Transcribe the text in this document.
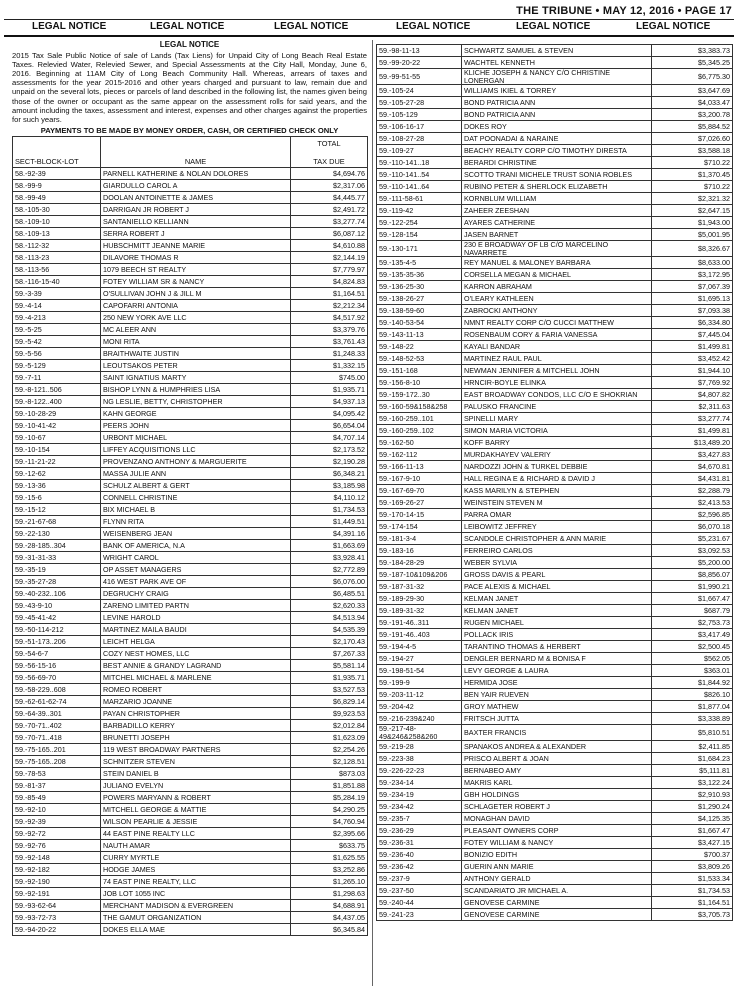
THE TRIBUNE • MAY 12, 2016 • PAGE 17
LEGAL NOTICE	LEGAL NOTICE	LEGAL NOTICE	LEGAL NOTICE	LEGAL NOTICE	LEGAL NOTICE
LEGAL NOTICE
2015 Tax Sale Public Notice of sale of Lands (Tax Liens) for Unpaid City of Long Beach Real Estate Taxes. Relevied Water, Relevied Sewer, and Special Assessments at the City Hall, Monday, June 6, 2016. Beginning at 11AM City of Long Beach Community Hall. Whereas, arrears of taxes and assessments for the year 2015-2016 and other years charged and pursuant to law, remain due and unpaid on the several lots, pieces or parcels of land described in the following list, the names given being those of the owner or occupant as the same appear on the assessment rolls for said years, and the amount including the taxes, assessment and interest, expenses and other charges against the properties for such years.
PAYMENTS TO BE MADE BY MONEY ORDER, CASH, OR CERTIFIED CHECK ONLY
SECT-BLOCK-LOT	NAME	TOTAL
TAX DUE

58.-92-39	PARNELL KATHERINE & NOLAN DOLORES	$4,694.76
58.-99-9	GIARDULLO CAROL A	$2,317.06
58.-99-49	DOOLAN ANTOINETTE & JAMES	$4,445.77
58.-105-30	DARRIGAN JR ROBERT J	$2,491.72
58.-109-10	SANTANIELLO KELLIANN	$3,277.74
58.-109-13	SERRA ROBERT J	$6,087.12
58.-112-32	HUBSCHMITT JEANNE MARIE	$4,610.88
58.-113-23	DILAVORE THOMAS R	$2,144.19
58.-113-56	1079 BEECH ST REALTY	$7,779.97
58.-116-15-40	FOTEY WILLIAM SR & NANCY	$4,824.83
59.-3-39	O'SULLIVAN JOHN J & JILL M	$1,164.51
59.-4-14	CAPOFARRI ANTONIA	$2,212.34
59.-4-213	250 NEW YORK AVE LLC	$4,517.92
59.-5-25	MC ALEER ANN	$3,379.76
59.-5-42	MONI RITA	$3,761.43
59.-5-56	BRAITHWAITE JUSTIN	$1,248.33
59.-5-129	LEOUTSAKOS PETER	$1,332.15
59.-7-11	SAINT IGNATIUS MARTY	$745.00
59.-8-121..506	BISHOP LYNN & HUMPHRIES LISA	$1,935.71
59.-8-122..400	NG LESLIE, BETTY, CHRISTOPHER	$4,937.13
59.-10-28-29	KAHN GEORGE	$4,095.42
59.-10-41-42	PEERS JOHN	$6,654.04
59.-10-67	URBONT MICHAEL	$4,707.14
59.-10-154	LIFFEY ACQUISITIONS LLC	$2,173.52
59.-11-21-22	PROVENZANO ANTHONY & MARGUERITE	$2,190.28
59.-12-62	MASSA JULIE ANN	$6,348.21
59.-13-36	SCHULZ ALBERT & GERT	$3,185.98
59.-15-6	CONNELL CHRISTINE	$4,110.12
59.-15-12	BIX MICHAEL B	$1,734.53
59.-21-67-68	FLYNN RITA	$1,449.51
59.-22-130	WEISENBERG JEAN	$4,391.16
59.-28-185..304	BANK OF AMERICA, N.A	$1,663.69
59.-31-31-33	WRIGHT CAROL	$3,928.41
59.-35-19	OP ASSET MANAGERS	$2,772.89
59.-35-27-28	416 WEST PARK AVE OF	$6,076.00
59.-40-232..106	DEGRUCHY CRAIG	$6,485.51
59.-43-9-10	ZARENO LIMITED PARTN	$2,620.33
59.-45-41-42	LEVINE HAROLD	$4,513.94
59.-50-114-212	MARTINEZ MAILA BAUDI	$4,535.39
59.-51-173..206	LEICHT HELGA	$2,170.43
59.-54-6-7	COZY NEST HOMES, LLC	$7,267.33
59.-56-15-16	BEST ANNIE & GRANDY LAGRAND	$5,581.14
59.-56-69-70	MITCHEL MICHAEL & MARLENE	$1,935.71
59.-58-229..608	ROMEO ROBERT	$3,527.53
59.-62-61-62-74	MARZARIO JOANNE	$6,829.14
59.-64-39..301	PAYAN CHRISTOPHER	$9,923.53
59.-70-71..402	BARBADILLO KERRY	$2,012.84
59.-70-71..418	BRUNETTI JOSEPH	$1,623.09
59.-75-165..201	119 WEST BROADWAY PARTNERS	$2,254.26
59.-75-165..208	SCHNITZER STEVEN	$2,128.51
59.-78-53	STEIN DANIEL B	$873.03
59.-81-37	JULIANO EVELYN	$1,851.88
59.-85-49	POWERS MARYANN & ROBERT	$5,284.19
59.-92-10	MITCHELL GEORGE & MATTIE	$4,290.25
59.-92-39	WILSON PEARLIE & JESSIE	$4,760.94
59.-92-72	44 EAST PINE REALTY LLC	$2,395.66
59.-92-76	NAUTH AMAR	$633.75
59.-92-148	CURRY MYRTLE	$1,625.55
59.-92-182	HODGE JAMES	$3,252.86
59.-92-190	74 EAST PINE REALTY, LLC	$1,265.10
59.-92-191	JOB LOT 1055 INC	$1,298.63
59.-93-62-64	MERCHANT MADISON & EVERGREEN	$4,688.91
59.-93-72-73	THE GAMUT ORGANIZATION	$4,437.05
59.-94-20-22	DOKES ELLA MAE	$6,345.84
59.-98-11-13	SCHWARTZ SAMUEL & STEVEN	$3,383.73
59.-99-20-22	WACHTEL KENNETH	$5,345.25
59.-99-51-55	KLICHE JOSEPH & NANCY C/O CHRISTINE LONERGAN	$6,775.30
59.-105-24	WILLIAMS IKIEL & TORREY	$3,647.69
59.-105-27-28	BOND PATRICIA ANN	$4,033.47
59.-105-129	BOND PATRICIA ANN	$3,200.78
59.-106-16-17	DOKES ROY	$5,884.52
59.-108-27-28	DAT POONADAI & NARAINE	$7,026.60
59.-109-27	BEACHY REALTY CORP C/O TIMOTHY DIRESTA	$3,588.18
59.-110-141..18	BERARDI CHRISTINE	$710.22
59.-110-141..54	SCOTTO TRANI MICHELE TRUST SONIA ROBLES	$1,370.45
59.-110-141..64	RUBINO PETER & SHERLOCK ELIZABETH	$710.22
59.-111-58-61	KORNBLUM WILLIAM	$2,321.32
59.-119-42	ZAHEER ZEESHAN	$2,647.15
59.-122-254	AYARES CATHERINE	$1,943.00
59.-128-154	JASEN BARNET	$5,001.95
59.-130-171	230 E BROADWAY OF LB C/O MARCELINO NAVARRETE	$8,326.67
59.-135-4-5	REY MANUEL & MALONEY BARBARA	$8,633.00
59.-135-35-36	CORSELLA MEGAN & MICHAEL	$3,172.95
59.-136-25-30	KARRON ABRAHAM	$7,067.39
59.-138-26-27	O'LEARY KATHLEEN	$1,695.13
59.-138-59-60	ZABROCKI ANTHONY	$7,093.38
59.-140-53-54	NMNT REALTY CORP C/O CUCCI MATTHEW	$6,334.80
59.-143-11-13	ROSENBAUM CORY & FARIA VANESSA	$7,445.04
59.-148-22	KAYALI BANDAR	$1,499.81
59.-148-52-53	MARTINEZ RAUL PAUL	$3,452.42
59.-151-168	NEWMAN JENNIFER & MITCHELL JOHN	$1,944.10
59.-156-8-10	HRNCIR-BOYLE ELINKA	$7,769.92
59.-159-172..30	EAST BROADWAY CONDOS, LLC C/O E SHOKRIAN	$4,807.82
59.-160-59&158&258	PALUSKO FRANCINE	$2,311.63
59.-160-259..101	SPINELLI MARY	$3,277.74
59.-160-259..102	SIMON MARIA VICTORIA	$1,499.81
59.-162-50	KOFF BARRY	$13,489.20
59.-162-112	MURDAKHAYEV VALERIY	$3,427.83
59.-166-11-13	NARDOZZI JOHN & TURKEL DEBBIE	$4,670.81
59.-167-9-10	HALL REGINA E & RICHARD & DAVID J	$4,431.81
59.-167-69-70	KASS MARILYN & STEPHEN	$2,288.79
59.-169-26-27	WEINSTEIN STEVEN M	$2,413.53
59.-170-14-15	PARRA OMAR	$2,596.85
59.-174-154	LEIBOWITZ JEFFREY	$6,070.18
59.-181-3-4	SCANDOLE CHRISTOPHER & ANN MARIE	$5,231.67
59.-183-16	FERREIRO CARLOS	$3,092.53
59.-184-28-29	WEBER SYLVIA	$5,200.00
59.-187-10&109&206	GROSS DAVIS & PEARL	$8,856.07
59.-187-31-32	PACE ALEXIS & MICHAEL	$1,990.21
59.-189-29-30	KELMAN JANET	$1,667.47
59.-189-31-32	KELMAN JANET	$687.79
59.-191-46..311	RUGEN MICHAEL	$2,753.73
59.-191-46..403	POLLACK IRIS	$3,417.49
59.-194-4-5	TARANTINO THOMAS & HERBERT	$2,500.45
59.-194-27	DENGLER BERNARD M & BONISA F	$562.05
59.-198-51-54	LEVY GEORGE & LAURA	$363.01
59.-199-9	HERMIDA JOSE	$1,844.92
59.-203-11-12	BEN YAIR RUEVEN	$826.10
59.-204-42	GROY MATHEW	$1,877.04
59.-216-239&240	FRITSCH JUTTA	$3,338.89
59.-217-48-49&246&258&260	BAXTER FRANCIS	$5,810.51
59.-219-28	SPANAKOS ANDREA & ALEXANDER	$2,411.85
59.-223-38	PRISCO ALBERT & JOAN	$1,684.23
59.-226-22-23	BERNABEO AMY	$5,111.81
59.-234-14	MAKRIS KARL	$3,122.24
59.-234-19	GBH HOLDINGS	$2,910.93
59.-234-42	SCHLAGETER ROBERT J	$1,290.24
59.-235-7	MONAGHAN DAVID	$4,125.35
59.-236-29	PLEASANT OWNERS CORP	$1,667.47
59.-236-31	FOTEY WILLIAM & NANCY	$3,427.15
59.-236-40	BONIZIO EDITH	$700.37
59.-236-42	GUERIN ANN MARIE	$3,809.26
59.-237-9	ANTHONY GERALD	$1,533.34
59.-237-50	SCANDARIATO JR MICHAEL A.	$1,734.53
59.-240-44	GENOVESE CARMINE	$1,164.51
59.-241-23	GENOVESE CARMINE	$3,705.73
